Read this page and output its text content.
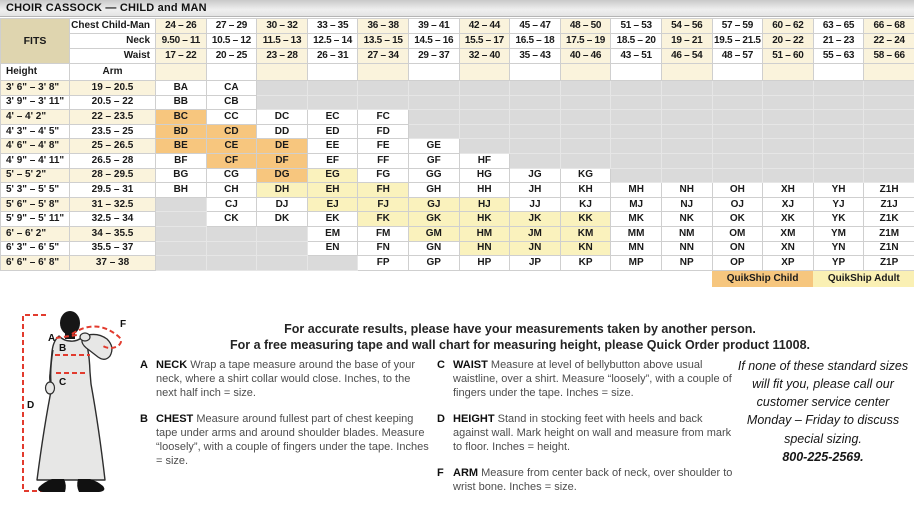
CHOIR CASSOCK — CHILD and MAN
FITS	Chest Child-Man	24 – 26	27 – 29	30 – 32	33 – 35	36 – 38	39 – 41	42 – 44	45 – 47	48 – 50	51 – 53	54 – 56	57 – 59	60 – 62	63 – 65	66 – 68
	Neck	9.50 – 11	10.5 – 12	11.5 – 13	12.5 – 14	13.5 – 15	14.5 – 16	15.5 – 17	16.5 – 18	17.5 – 19	18.5 – 20	19 – 21	19.5 – 21.5	20 – 22	21 – 23	22 – 24
	Waist	17 – 22	20 – 25	23 – 28	26 – 31	27 – 34	29 – 37	32 – 40	35 – 43	40 – 46	43 – 51	46 – 54	48 – 57	51 – 60	55 – 63	58 – 66
Height	Arm															
3' 6" – 3' 8"	19 – 20.5	BA	CA													
3' 9" – 3' 11"	20.5 – 22	BB	CB													
4' – 4' 2"	22 – 23.5	BC	CC	DC	EC	FC										
4' 3" – 4' 5"	23.5 – 25	BD	CD	DD	ED	FD										
4' 6" – 4' 8"	25 – 26.5	BE	CE	DE	EE	FE	GE									
4' 9" – 4' 11"	26.5 – 28	BF	CF	DF	EF	FF	GF	HF								
5' – 5' 2"	28 – 29.5	BG	CG	DG	EG	FG	GG	HG	JG	KG						
5' 3" – 5' 5"	29.5 – 31	BH	CH	DH	EH	FH	GH	HH	JH	KH	MH	NH	OH	XH	YH	Z1H
5' 6" – 5' 8"	31 – 32.5		CJ	DJ	EJ	FJ	GJ	HJ	JJ	KJ	MJ	NJ	OJ	XJ	YJ	Z1J
5' 9" – 5' 11"	32.5 – 34		CK	DK	EK	FK	GK	HK	JK	KK	MK	NK	OK	XK	YK	Z1K
6' – 6' 2"	34 – 35.5				EM	FM	GM	HM	JM	KM	MM	NM	OM	XM	YM	Z1M
6' 3" – 6' 5"	35.5 – 37				EN	FN	GN	HN	JN	KN	MN	NN	ON	XN	YN	Z1N
6' 6" – 6' 8"	37 – 38					FP	GP	HP	JP	KP	MP	NP	OP	XP	YP	Z1P
													QuikShip Child		QuikShip Adult	
A
B
C
D
F	For accurate results, please have your measurements taken by another person.
For a free measuring tape and wall chart for measuring height, please Quick Order product 11008.
A NECK Wrap a tape measure around the base of your neck, where a shirt collar would close. Inches, to the next half inch = size.
B CHEST Measure around fullest part of chest keeping tape under arms and around shoulder blades. Measure “loosely”, with a couple of fingers under the tape. Inches = size.
C WAIST Measure at level of bellybutton above usual waistline, over a shirt. Measure “loosely”, with a couple of fingers under the tape. Inches = size.
D HEIGHT Stand in stocking feet with heels and back against wall. Mark height on wall and measure from mark to floor. Inches = height.
F ARM Measure from center back of neck, over shoulder to wrist bone. Inches = size.
If none of these standard sizes will fit you, please call our customer service center Monday – Friday to discuss special sizing.
800-225-2569.
